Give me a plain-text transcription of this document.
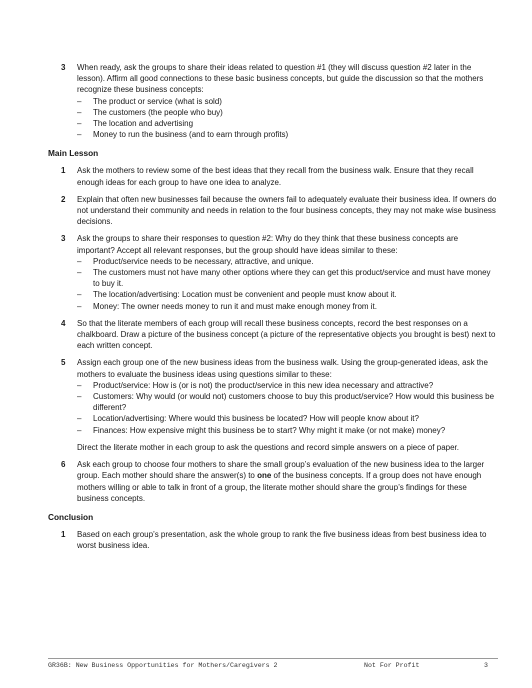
3 When ready, ask the groups to share their ideas related to question #1 (they will discuss question #2 later in the lesson). Affirm all good connections to these basic business concepts, but guide the discussion so that the mothers recognize these business concepts:
– The product or service (what is sold)
– The customers (the people who buy)
– The location and advertising
– Money to run the business (and to earn through profits)
Main Lesson
1 Ask the mothers to review some of the best ideas that they recall from the business walk. Ensure that they recall enough ideas for each group to have one idea to analyze.
2 Explain that often new businesses fail because the owners fail to adequately evaluate their business idea. If owners do not understand their community and needs in relation to the four business concepts, they may not make wise business decisions.
3 Ask the groups to share their responses to question #2: Why do they think that these business concepts are important? Accept all relevant responses, but the group should have ideas similar to these:
– Product/service needs to be necessary, attractive, and unique.
– The customers must not have many other options where they can get this product/service and must have money to buy it.
– The location/advertising: Location must be convenient and people must know about it.
– Money: The owner needs money to run it and must make enough money from it.
4 So that the literate members of each group will recall these business concepts, record the best responses on a chalkboard. Draw a picture of the business concept (a picture of the representative objects you brought is best) next to each written concept.
5 Assign each group one of the new business ideas from the business walk. Using the group-generated ideas, ask the mothers to evaluate the business ideas using questions similar to these:
– Product/service: How is (or is not) the product/service in this new idea necessary and attractive?
– Customers: Why would (or would not) customers choose to buy this product/service? How would this business be different?
– Location/advertising: Where would this business be located? How will people know about it?
– Finances: How expensive might this business be to start? Why might it make (or not make) money?
Direct the literate mother in each group to ask the questions and record simple answers on a piece of paper.
6 Ask each group to choose four mothers to share the small group’s evaluation of the new business idea to the larger group. Each mother should share the answer(s) to one of the business concepts. If a group does not have enough mothers willing or able to talk in front of a group, the literate mother should share the group’s findings for these business concepts.
Conclusion
1 Based on each group’s presentation, ask the whole group to rank the five business ideas from best business idea to worst business idea.
GR36B: New Business Opportunities for Mothers/Caregivers 2	Not For Profit	3
